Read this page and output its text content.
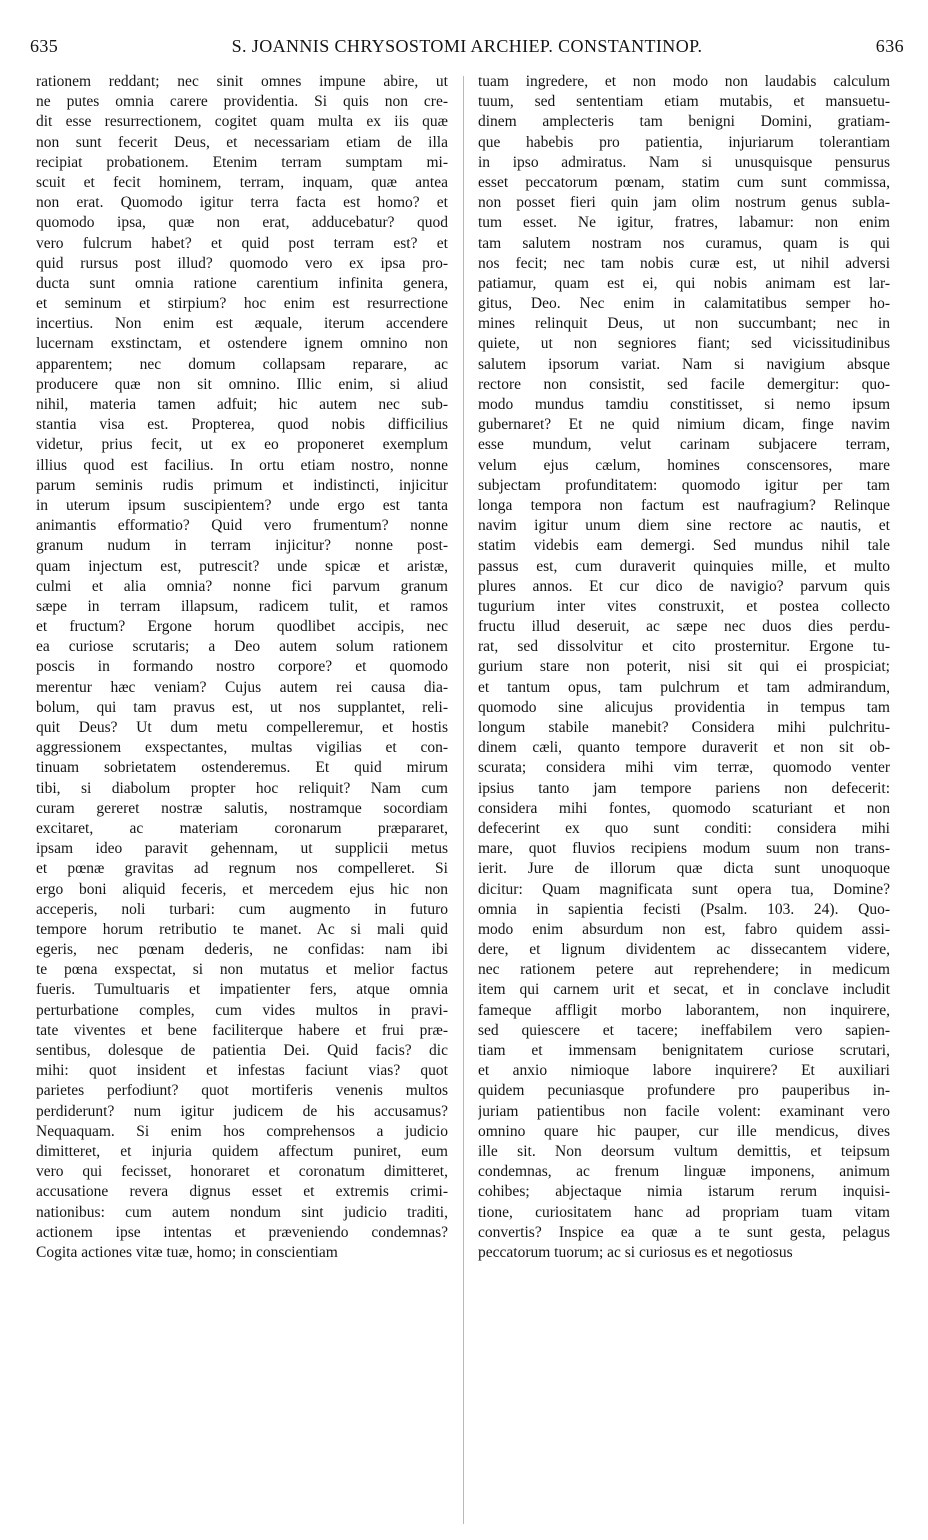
635	S. JOANNIS CHRYSOSTOMI ARCHIEP. CONSTANTINOP.	636
rationem reddant; nec sinit omnes impune abire, ut
ne putes omnia carere providentia. Si quis non cre-
dit esse resurrectionem, cogitet quam multa ex iis quæ
non sunt fecerit Deus, et necessariam etiam de illa
recipiat probationem. Etenim terram sumptam mi-
scuit et fecit hominem, terram, inquam, quæ antea
non erat. Quomodo igitur terra facta est homo? et
quomodo ipsa, quæ non erat, adducebatur? quod
vero fulcrum habet? et quid post terram est? et
quid rursus post illud? quomodo vero ex ipsa pro-
ducta sunt omnia ratione carentium infinita genera,
et seminum et stirpium? hoc enim est resurrectione
incertius. Non enim est æquale, iterum accendere
lucernam exstinctam, et ostendere ignem omnino non
apparentem; nec domum collapsam reparare, ac
producere quæ non sit omnino. Illic enim, si aliud
nihil, materia tamen adfuit; hic autem nec sub-
stantia visa est. Propterea, quod nobis difficilius
videtur, prius fecit, ut ex eo proponeret exemplum
illius quod est facilius. In ortu etiam nostro, nonne
parum seminis rudis primum et indistincti, injicitur
in uterum ipsum suscipientem? unde ergo est tanta
animantis efformatio? Quid vero frumentum? nonne
granum nudum in terram injicitur? nonne post-
quam injectum est, putrescit? unde spicæ et aristæ,
culmi et alia omnia? nonne fici parvum granum
sæpe in terram illapsum, radicem tulit, et ramos
et fructum? Ergone horum quodlibet accipis, nec
ea curiose scrutaris; a Deo autem solum rationem
poscis in formando nostro corpore? et quomodo
merentur hæc veniam? Cujus autem rei causa dia-
bolum, qui tam pravus est, ut nos supplantet, reli-
quit Deus? Ut dum metu compelleremur, et hostis
aggressionem exspectantes, multas vigilias et con-
tinuam sobrietatem ostenderemus. Et quid mirum
tibi, si diabolum propter hoc reliquit? Nam cum
curam gereret nostræ salutis, nostramque socordiam
excitaret, ac materiam coronarum præpararet,
ipsam ideo paravit gehennam, ut supplicii metus
et pœnæ gravitas ad regnum nos compelleret. Si
ergo boni aliquid feceris, et mercedem ejus hic non
acceperis, noli turbari: cum augmento in futuro
tempore horum retributio te manet. Ac si mali quid
egeris, nec pœnam dederis, ne confidas: nam ibi
te pœna exspectat, si non mutatus et melior factus
fueris. Tumultuaris et impatienter fers, atque omnia
perturbatione comples, cum vides multos in pravi-
tate viventes et bene faciliterque habere et frui præ-
sentibus, dolesque de patientia Dei. Quid facis? dic
mihi: quot insident et infestas faciunt vias? quot
parietes perfodiunt? quot mortiferis venenis multos
perdiderunt? num igitur judicem de his accusamus?
Nequaquam. Si enim hos comprehensos a judicio
dimitteret, et injuria quidem affectum puniret, eum
vero qui fecisset, honoraret et coronatum dimitteret,
accusatione revera dignus esset et extremis crimi-
nationibus: cum autem nondum sint judicio traditi,
actionem ipse intentas et præveniendo condemnas?
Cogita actiones vitæ tuæ, homo; in conscientiam
tuam ingredere, et non modo non laudabis calculum
tuum, sed sententiam etiam mutabis, et mansuetu-
dinem amplecteris tam benigni Domini, gratiam-
que habebis pro patientia, injuriarum tolerantiam
in ipso admiratus. Nam si unusquisque pensurus
esset peccatorum pœnam, statim cum sunt commissa,
non posset fieri quin jam olim nostrum genus subla-
tum esset. Ne igitur, fratres, labamur: non enim
tam salutem nostram nos curamus, quam is qui
nos fecit; nec tam nobis curæ est, ut nihil adversi
patiamur, quam est ei, qui nobis animam est lar-
gitus, Deo. Nec enim in calamitatibus semper ho-
mines relinquit Deus, ut non succumbant; nec in
quiete, ut non segniores fiant; sed vicissitudinibus
salutem ipsorum variat. Nam si navigium absque
rectore non consistit, sed facile demergitur: quo-
modo mundus tamdiu constitisset, si nemo ipsum
gubernaret? Et ne quid nimium dicam, finge navim
esse mundum, velut carinam subjacere terram,
velum ejus cælum, homines conscensores, mare
subjectam profunditatem: quomodo igitur per tam
longa tempora non factum est naufragium? Relinque
navim igitur unum diem sine rectore ac nautis, et
statim videbis eam demergi. Sed mundus nihil tale
passus est, cum duraverit quinquies mille, et multo
plures annos. Et cur dico de navigio? parvum quis
tugurium inter vites construxit, et postea collecto
fructu illud deseruit, ac sæpe nec duos dies perdu-
rat, sed dissolvitur et cito prosternitur. Ergone tu-
gurium stare non poterit, nisi sit qui ei prospiciat;
et tantum opus, tam pulchrum et tam admirandum,
quomodo sine alicujus providentia in tempus tam
longum stabile manebit? Considera mihi pulchritu-
dinem cæli, quanto tempore duraverit et non sit ob-
scurata; considera mihi vim terræ, quomodo venter
ipsius tanto jam tempore pariens non defecerit:
considera mihi fontes, quomodo scaturiant et non
defecerint ex quo sunt conditi: considera mihi
mare, quot fluvios recipiens modum suum non trans-
ierit. Jure de illorum quæ dicta sunt unoquoque
dicitur: Quam magnificata sunt opera tua, Domine?
omnia in sapientia fecisti (Psalm. 103. 24). Quo-
modo enim absurdum non est, fabro quidem assi-
dere, et lignum dividentem ac dissecantem videre,
nec rationem petere aut reprehendere; in medicum
item qui carnem urit et secat, et in conclave includit
fameque affligit morbo laborantem, non inquirere,
sed quiescere et tacere; ineffabilem vero sapien-
tiam et immensam benignitatem curiose scrutari,
et anxio nimioque labore inquirere? Et auxiliari
quidem pecuniasque profundere pro pauperibus in-
juriam patientibus non facile volent: examinant vero
omnino quare hic pauper, cur ille mendicus, dives
ille sit. Non deorsum vultum demittis, et teipsum
condemnas, ac frenum linguæ imponens, animum
cohibes; abjectaque nimia istarum rerum inquisi-
tione, curiositatem hanc ad propriam tuam vitam
convertis? Inspice ea quæ a te sunt gesta, pelagus
peccatorum tuorum; ac si curiosus es et negotiosus
